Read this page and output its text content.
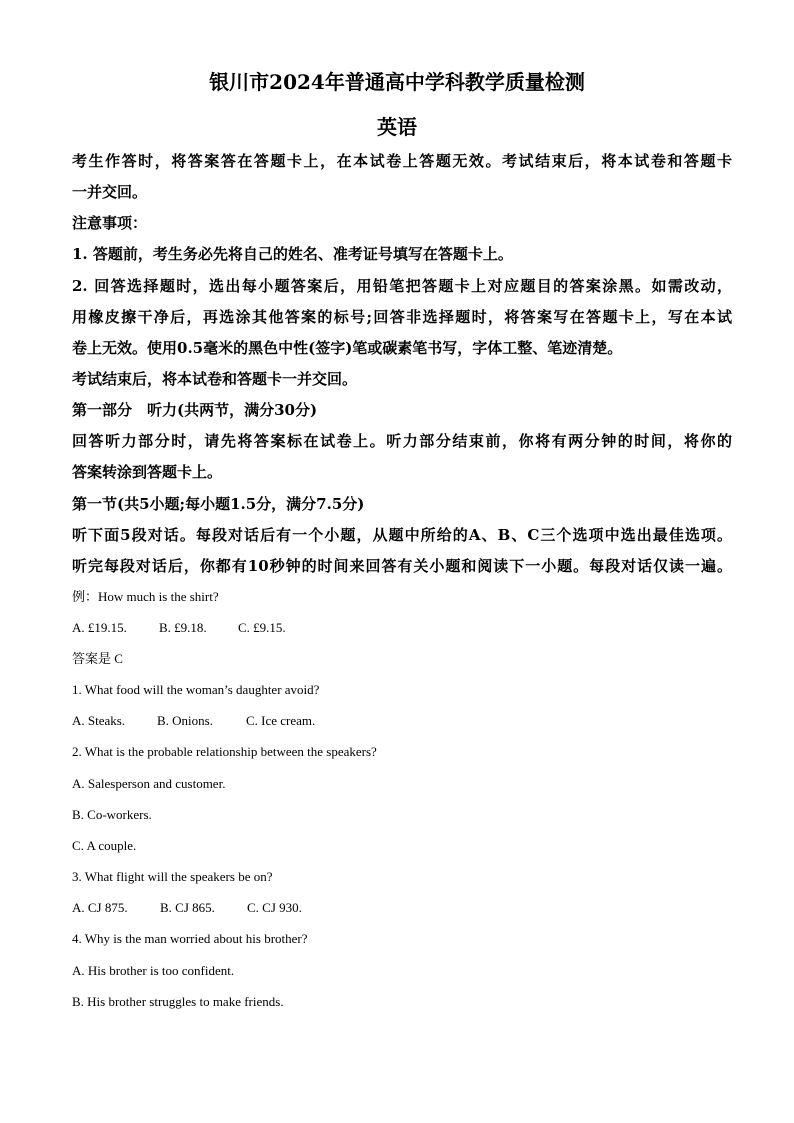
银川市2024年普通高中学科教学质量检测
英语
考生作答时，将答案答在答题卡上，在本试卷上答题无效。考试结束后，将本试卷和答题卡
一并交回。
注意事项：
1. 答题前，考生务必先将自己的姓名、准考证号填写在答题卡上。
2. 回答选择题时，选出每小题答案后，用铅笔把答题卡上对应题目的答案涂黑。如需改动，
用橡皮擦干净后，再选涂其他答案的标号;回答非选择题时，将答案写在答题卡上，写在本试
卷上无效。使用0.5毫米的黑色中性(签字)笔或碳素笔书写，字体工整、笔迹清楚。
考试结束后，将本试卷和答题卡一并交回。
第一部分　听力(共两节，满分30分)
回答听力部分时，请先将答案标在试卷上。听力部分结束前，你将有两分钟的时间，将你的
答案转涂到答题卡上。
第一节(共5小题;每小题1.5分，满分7.5分)
听下面5段对话。每段对话后有一个小题，从题中所给的A、B、C三个选项中选出最佳选项。
听完每段对话后，你都有10秒钟的时间来回答有关小题和阅读下一小题。每段对话仅读一遍。
例：How much is the shirt?
A. £19.15. B. £9.18. C. £9.15.
答案是 C
1. What food will the woman’s daughter avoid?
A. Steaks. B. Onions.	C. Ice cream.
2. What is the probable relationship between the speakers?
A. Salesperson and customer.
B. Co-workers.
C. A couple.
3. What flight will the speakers be on?
A. CJ 875. B. CJ 865. C. CJ 930.
4. Why is the man worried about his brother?
A. His brother is too confident.
B. His brother struggles to make friends.
